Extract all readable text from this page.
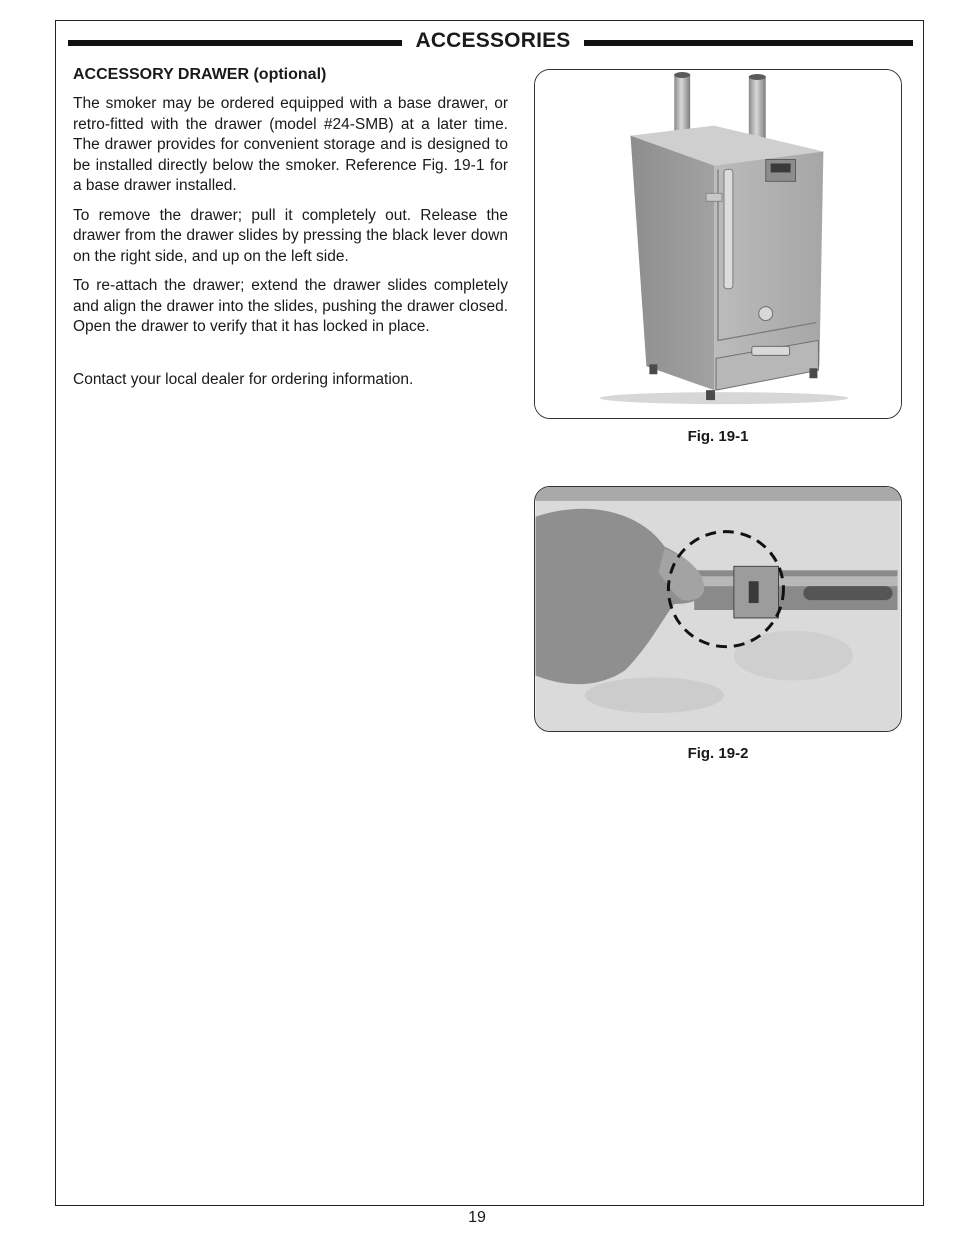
ACCESSORIES
ACCESSORY DRAWER (optional)

The smoker may be ordered equipped with a base drawer, or retro-fitted with the drawer (model #24-SMB) at a later time. The drawer provides for convenient storage and is designed to be installed directly below the smoker. Reference Fig. 19-1 for a base drawer installed.

To remove the drawer; pull it completely out. Release the drawer from the drawer slides by pressing the black lever down on the right side, and up on the left side.

To re-attach the drawer; extend the drawer slides completely and align the drawer into the slides, pushing the drawer closed. Open the drawer to verify that it has locked in place.

Contact your local dealer for ordering information.

Fig. 19-1

Fig. 19-2

19
